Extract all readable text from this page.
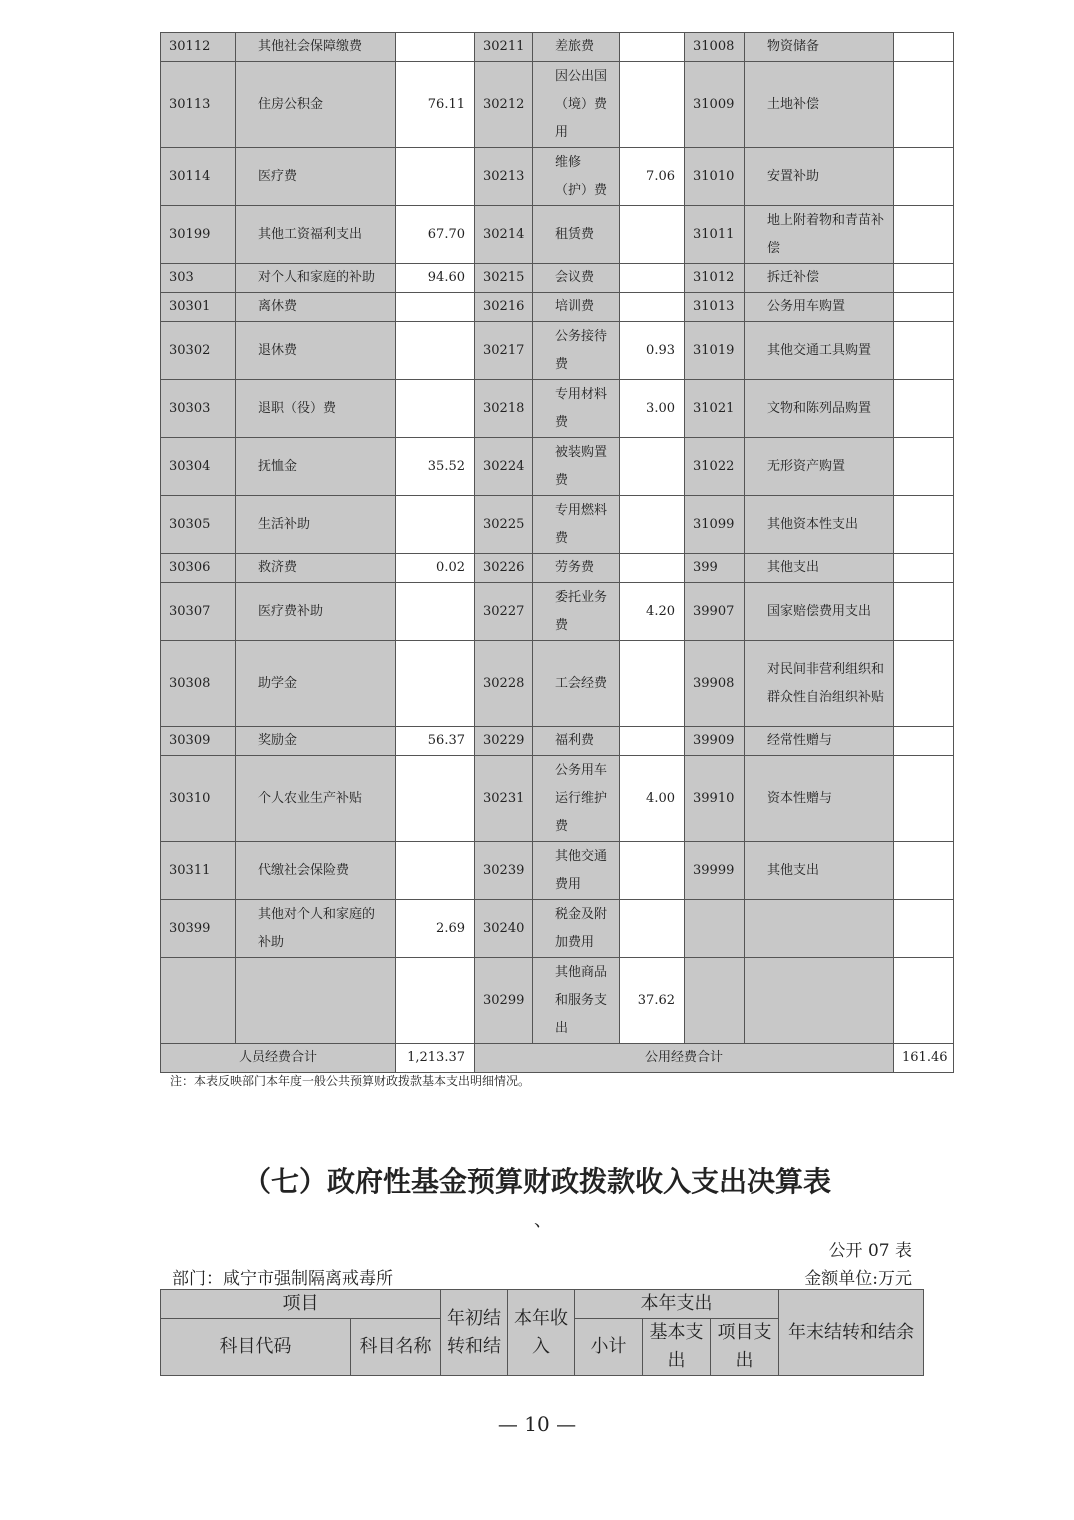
30112	其他社会保障缴费		30211	差旅费		31008	物资储备	
30113	住房公积金	76.11	30212	因公出国（境）费用		31009	土地补偿	
30114	医疗费		30213	维修（护）费	7.06	31010	安置补助	
30199	其他工资福利支出	67.70	30214	租赁费		31011	地上附着物和青苗补偿	
303	对个人和家庭的补助	94.60	30215	会议费		31012	拆迁补偿	
30301	离休费		30216	培训费		31013	公务用车购置	
30302	退休费		30217	公务接待费	0.93	31019	其他交通工具购置	
30303	退职（役）费		30218	专用材料费	3.00	31021	文物和陈列品购置	
30304	抚恤金	35.52	30224	被装购置费		31022	无形资产购置	
30305	生活补助		30225	专用燃料费		31099	其他资本性支出	
30306	救济费	0.02	30226	劳务费		399	其他支出	
30307	医疗费补助		30227	委托业务费	4.20	39907	国家赔偿费用支出	
30308	助学金		30228	工会经费		39908	对民间非营利组织和群众性自治组织补贴	
30309	奖励金	56.37	30229	福利费		39909	经常性赠与	
30310	个人农业生产补贴		30231	公务用车运行维护费	4.00	39910	资本性赠与	
30311	代缴社会保险费		30239	其他交通费用		39999	其他支出	
30399	其他对个人和家庭的补助	2.69	30240	税金及附加费用				
			30299	其他商品和服务支出	37.62			
人员经费合计		1,213.37	公用经费合计					161.46
注：本表反映部门本年度一般公共预算财政拨款基本支出明细情况。
（七）政府性基金预算财政拨款收入支出决算表
、
公开 07 表
部门：咸宁市强制隔离戒毒所	金额单位:万元
项目		年初结转和结	本年收入	本年支出			年末结转和结余
科目代码	科目名称			小计	基本支出	项目支出	
— 10 —
